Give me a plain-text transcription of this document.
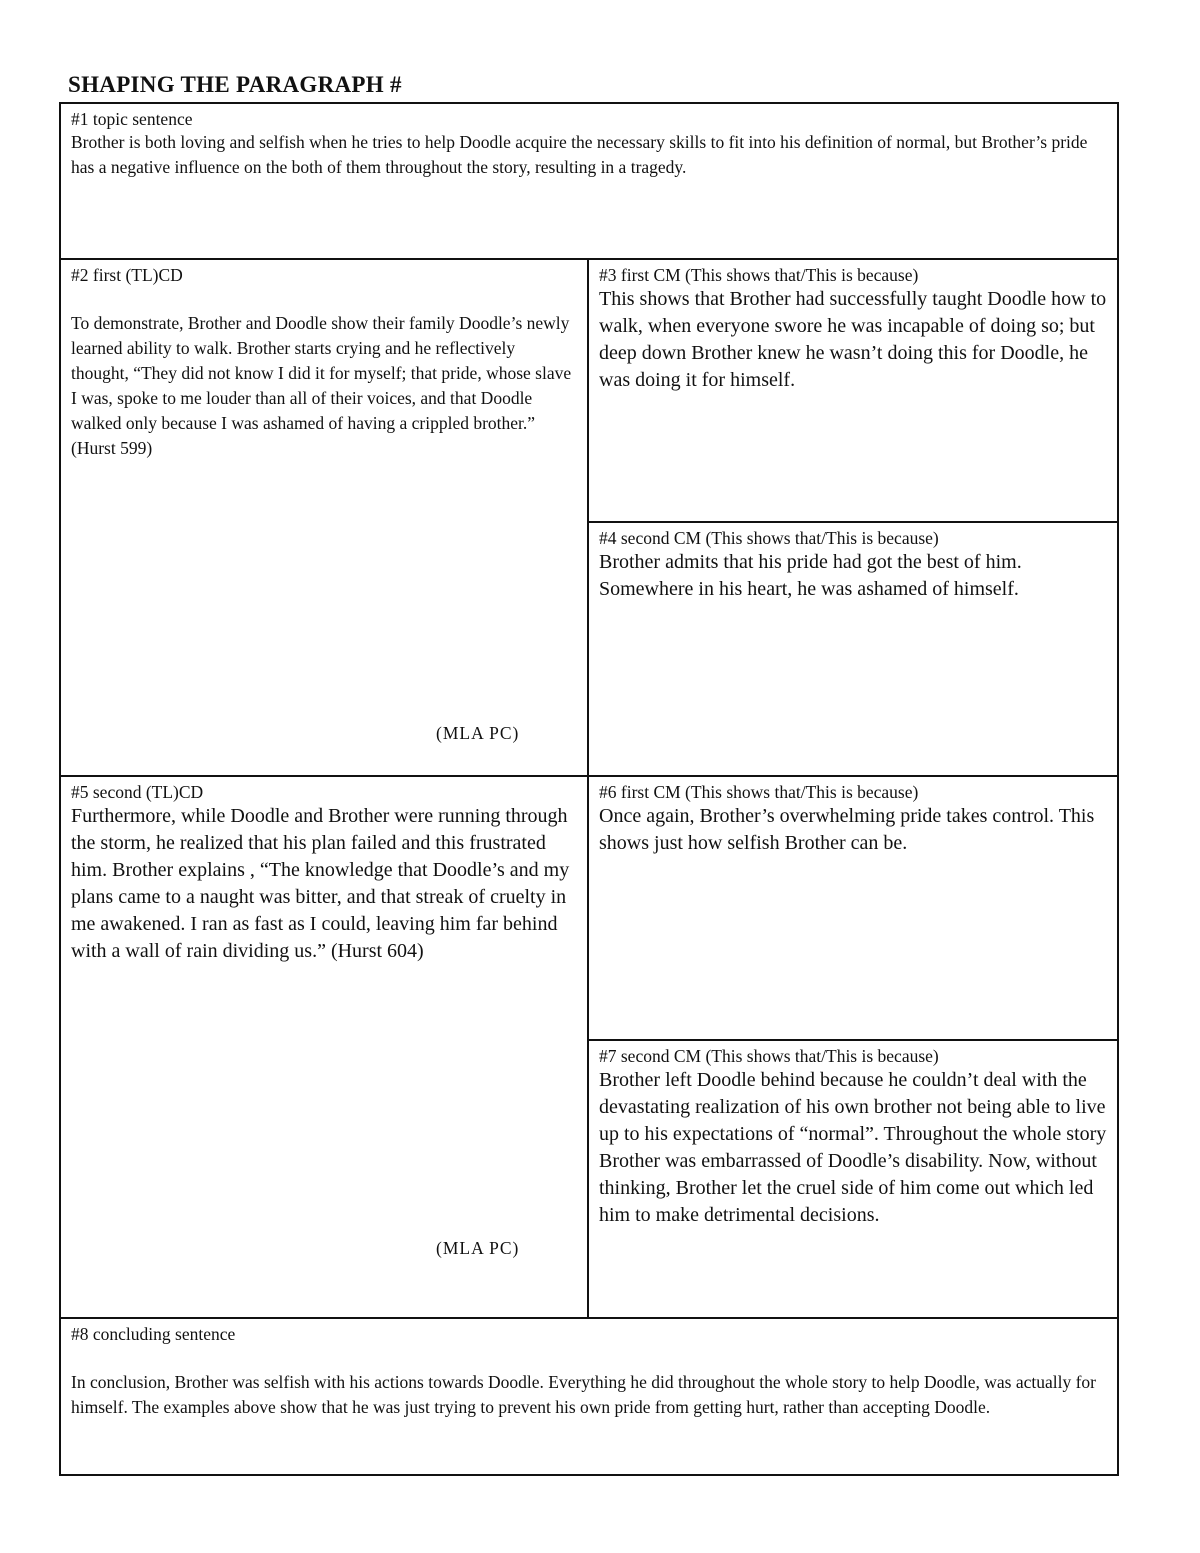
SHAPING THE PARAGRAPH #
#1 topic sentence
Brother is both loving and selfish when he tries to help Doodle acquire the necessary skills to fit into his definition of normal, but Brother’s pride has a negative influence on the both of them throughout the story, resulting in a tragedy.
#2 first (TL)CD
To demonstrate, Brother and Doodle show their family Doodle’s newly learned ability to walk. Brother starts crying and he reflectively thought, “They did not know I did it for myself; that pride, whose slave I was, spoke to me louder than all of their voices, and that Doodle walked only because I was ashamed of having a crippled brother.” (Hurst 599)
(MLA PC)
#3 first CM (This shows that/This is because)
This shows that Brother had successfully taught Doodle how to walk, when everyone swore he was incapable of doing so; but deep down Brother knew he wasn’t doing this for Doodle, he was doing it for himself.
#4 second CM (This shows that/This is because)
Brother admits that his pride had got the best of him. Somewhere in his heart, he was ashamed of himself.
#5 second (TL)CD
Furthermore, while Doodle and Brother were running through the storm, he realized that his plan failed and this frustrated him. Brother explains , “The knowledge that Doodle’s and my plans came to a naught was bitter, and that streak of cruelty in me awakened. I ran as fast as I could, leaving him far behind with a wall of rain dividing us.” (Hurst 604)
(MLA PC)
#6 first CM (This shows that/This is because)
Once again, Brother’s overwhelming pride takes control. This shows just how selfish Brother can be.
#7 second CM (This shows that/This is because)
Brother left Doodle behind because he couldn’t deal with the devastating realization of his own brother not being able to live up to his expectations of “normal”. Throughout the whole story Brother was embarrassed of Doodle’s disability. Now, without thinking, Brother let the cruel side of him come out which led him to make detrimental decisions.
#8 concluding sentence
In conclusion, Brother was selfish with his actions towards Doodle. Everything he did throughout the whole story to help Doodle, was actually for himself. The examples above show that he was just trying to prevent his own pride from getting hurt, rather than accepting Doodle.
